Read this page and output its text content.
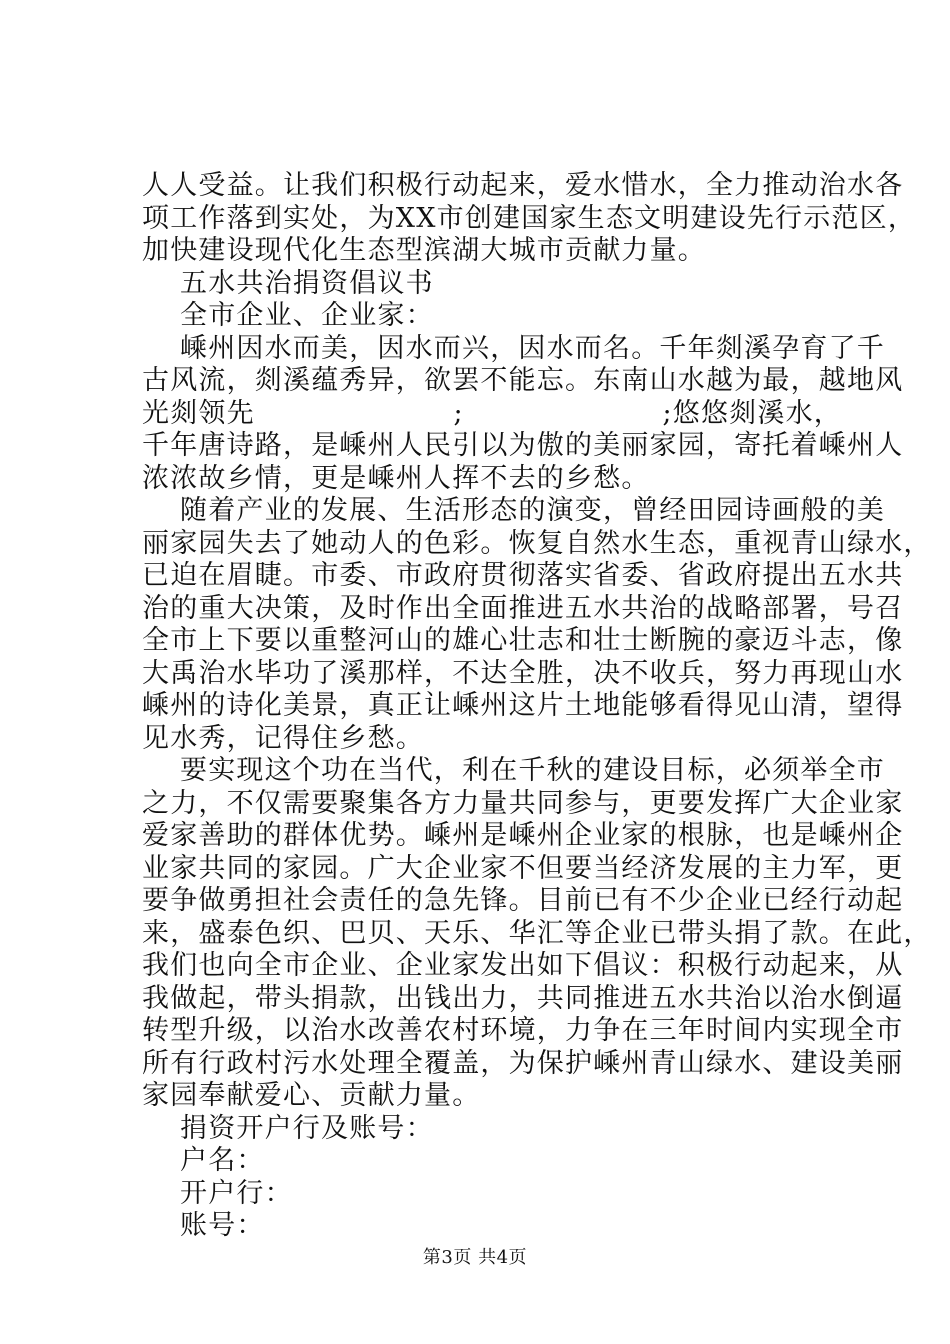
人人受益。让我们积极行动起来，爱水惜水，全力推动治水各
项工作落到实处，为XX市创建国家生态文明建设先行示范区，
加快建设现代化生态型滨湖大城市贡献力量。
五水共治捐资倡议书
全市企业、企业家：
嵊州因水而美，因水而兴，因水而名。千年剡溪孕育了千
古风流，剡溪蕴秀异，欲罢不能忘。东南山水越为最，越地风
光剡领先	;	;悠悠剡溪水，
千年唐诗路，是嵊州人民引以为傲的美丽家园，寄托着嵊州人
浓浓故乡情，更是嵊州人挥不去的乡愁。
随着产业的发展、生活形态的演变，曾经田园诗画般的美
丽家园失去了她动人的色彩。恢复自然水生态，重视青山绿水，
已迫在眉睫。市委、市政府贯彻落实省委、省政府提出五水共
治的重大决策，及时作出全面推进五水共治的战略部署，号召
全市上下要以重整河山的雄心壮志和壮士断腕的豪迈斗志，像
大禹治水毕功了溪那样，不达全胜，决不收兵，努力再现山水
嵊州的诗化美景，真正让嵊州这片土地能够看得见山清，望得
见水秀，记得住乡愁。
要实现这个功在当代，利在千秋的建设目标，必须举全市
之力，不仅需要聚集各方力量共同参与，更要发挥广大企业家
爱家善助的群体优势。嵊州是嵊州企业家的根脉，也是嵊州企
业家共同的家园。广大企业家不但要当经济发展的主力军，更
要争做勇担社会责任的急先锋。目前已有不少企业已经行动起
来，盛泰色织、巴贝、天乐、华汇等企业已带头捐了款。在此，
我们也向全市企业、企业家发出如下倡议：积极行动起来，从
我做起，带头捐款，出钱出力，共同推进五水共治以治水倒逼
转型升级，以治水改善农村环境，力争在三年时间内实现全市
所有行政村污水处理全覆盖，为保护嵊州青山绿水、建设美丽
家园奉献爱心、贡献力量。
捐资开户行及账号：
户名：
开户行：
账号：
第3页 共4页
